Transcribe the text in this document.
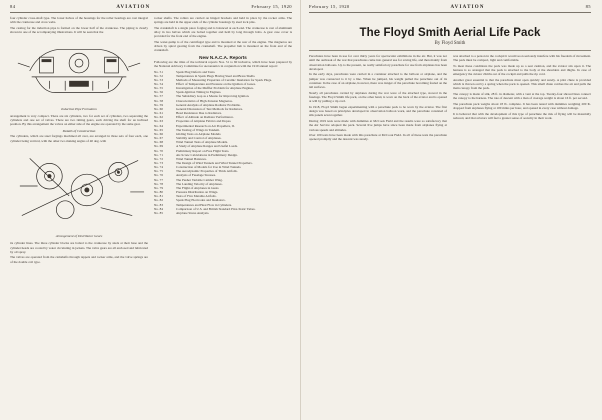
84	AVIATION	February 15, 1920

four cylinder cross-shaft type. The lower halves of the housings for the roller bearings are cast integral with the crankcase and cross webs.

The casting for the induction pipe is formed on the lower half of the crankcase. The piping is clearly shown in one of the accompanying illustrations. It will be seen that the

Induction Pipe Formation

arrangement is very compact. There are six cylinders, two for each set of cylinders, two separating the cylinders and one set of valves. There are two timing gears, each driving the shaft for an inclined position. By this arrangement the valves on either side of the engine are operated by the same gear.

Details of Construction

The cylinders, which are steel forgings machined all over, are arranged in three sets of four each, one cylinder being vertical, with the other two making angles of 40 deg. with

Arrangement of Distributor Gears

its cylinder lines. The three cylinder blocks are bolted to the crankcase by studs at their base and the cylinder heads are cooled by water circulating in jackets. The valve gears are all enclosed and lubricated by oil spray.

The valves are operated from the camshafts through tappets and rocker arms, and the valve springs are of the double coil type.

rocker shafts. The rollers are carried on hinged brackets and held in place by the rocker arms. The springs are held in the upper ends of the cylinder housings by steel lock pins.

The crankshaft is a single piece forging and is balanced at each end. The crankcase is cast of aluminum alloy in two halves which are bolted together and held by long through bolts. A gear case cover is provided for the front end of the engine.

The water-pump is of the centrifugal type and is mounted at the rear of the engine. The magnetos are driven by spiral gearing from the crankshaft. The propeller hub is mounted on the front end of the crankshaft.

New N.A.C.A. Reports

Following are the titles of the technical reports Nos. 51 to 60 inclusive, which have been prepared by the National Advisory Committee for Aeronautics in conjunction with the 1919 annual report:

No. 51	Spark Plug Defects and Tests.
No. 52	Temperatures in Spark Plugs Having Steel and Brass Shells.
No. 53	Methods of Measuring Properties of Ceramic Insulation for Spark Plugs.
No. 54	Effect of Temperature and Pressure on the Ignition of Gases.
No. 55	Investigation of the Muffler Problem for Airplane Engines.
No. 56	Spark-Ignition Timing in Engines.
No. 57	The Subsidiary Gap as a Means for Improving Ignition.
No. 58	Characteristics of High-Tension Magnetos.
No. 59	General Analysis of Airplane Radiator Problems.
No. 60	General Discussion of Test Methods for Radiators.
No. 61	Head Resistance Due to Radiators.
No. 62	Effect of Altitude on Radiator Performance.
No. 63	Properties of Airplane Fabrics and Dopes.
No. 64	Experimental Research on Air Propellers, II.
No. 65	The Testing of Wings in Tandem.
No. 66	Gliding Tests on Airplane Models.
No. 67	Stability and Control of Airplanes.
No. 68	Wind Tunnel Tests of Airplane Models.
No. 69	A Study of Airplane Ranges and Useful Loads.
No. 70	Preliminary Report on Free Flight Tests.
No. 71	Air-Screw Calculations in Preliminary Design.
No. 72	Wind Tunnel Balances.
No. 73	The Design of Wind Tunnels and Wind Tunnel Propellers.
No. 74	Construction of Models for Use in Wind Tunnels.
No. 75	The Aerodynamic Properties of Thick Airfoils.
No. 76	Analysis of Fuselage Stresses.
No. 77	The Pusher Variable Camber Wing.
No. 78	The Landing Velocity of Airplanes.
No. 79	The Flight of Airplanes in Gusts.
No. 80	Pressure Distribution on Wings.
No. 81	Tests of Five Metalite Airfoils.
No. 82	Spark Plug Electrodes and Insulators.
No. 83	Temperatures and Heat Flow in Cylinders.
No. 84	Comparison of U.S. and British Standard Pitot-Static Tubes.
No. 85	Airplane Stress Analysis.
February 15, 1920	AVIATION	85
The Floyd Smith Aerial Life Pack
By Floyd Smith

Parachutes have been in use for over thirty years for spectacular exhibitions in the air. But, it was not until the outbreak of the war that parachutes came into general use for saving life, and then mainly from observation balloons. Up to the present, no really satisfactory parachute for use from airplanes has been developed.

In the early days, parachutes were carried in a container attached to the balloon or airplane, and the jumper was connected to it by a line. When he jumped, his weight pulled the parachute out of its container. In the case of an airplane, however, there was danger of the parachute becoming fouled on the tail surfaces.

Nearly all parachutes carried by airplanes during the war were of the attached type, stowed in the fuselage. The Floyd Smith life pack, on the other hand, is worn on the back of the aviator and is opened at will by pulling a rip cord.

In 1918, Floyd Smith began experimenting with a parachute pack to be worn by the aviator. The first design was based on principles developed in observation balloon work, and the parachute consisted of silk panels sewn together.

During 1919 tests were made with dummies at McCook Field and the results were so satisfactory that the Air Service adopted the pack. Several live jumps have since been made from airplanes flying at various speeds and altitudes.

Over 100 tests have been made with this parachute at McCook Field. In all of these tests the parachute opened promptly and the descent was steady.

was attached to a person in the cockpit it would soon seriously interfere with his freedom of movement. The pack must be compact, light and comfortable.

To meet these conditions the pack was made up as a seat cushion, and the aviator sits upon it. The harness is so arranged that the pack is attached to the body at the shoulders and thighs. In case of emergency the aviator climbs out of the cockpit and pulls the rip cord.

Another great essential is that the parachute must open quickly and surely. A pilot chute is provided which is thrown out by a spring when the pack is opened. This small chute catches the air and pulls the main canopy from the pack.

The canopy is made of silk, 28 ft. in diameter, with a vent at the top. Twenty-four shroud lines connect the canopy to the harness. The rate of descent with a man of average weight is about 16 ft. per second.

The parachute pack weighs about 18 lb. complete. It has been tested with dummies weighing 200 lb. dropped from airplanes flying at 100 miles per hour, and opened in every case without damage.

It is believed that with the development of this type of parachute the risk of flying will be materially reduced, and that aviators will feel a greater sense of security in their work.
